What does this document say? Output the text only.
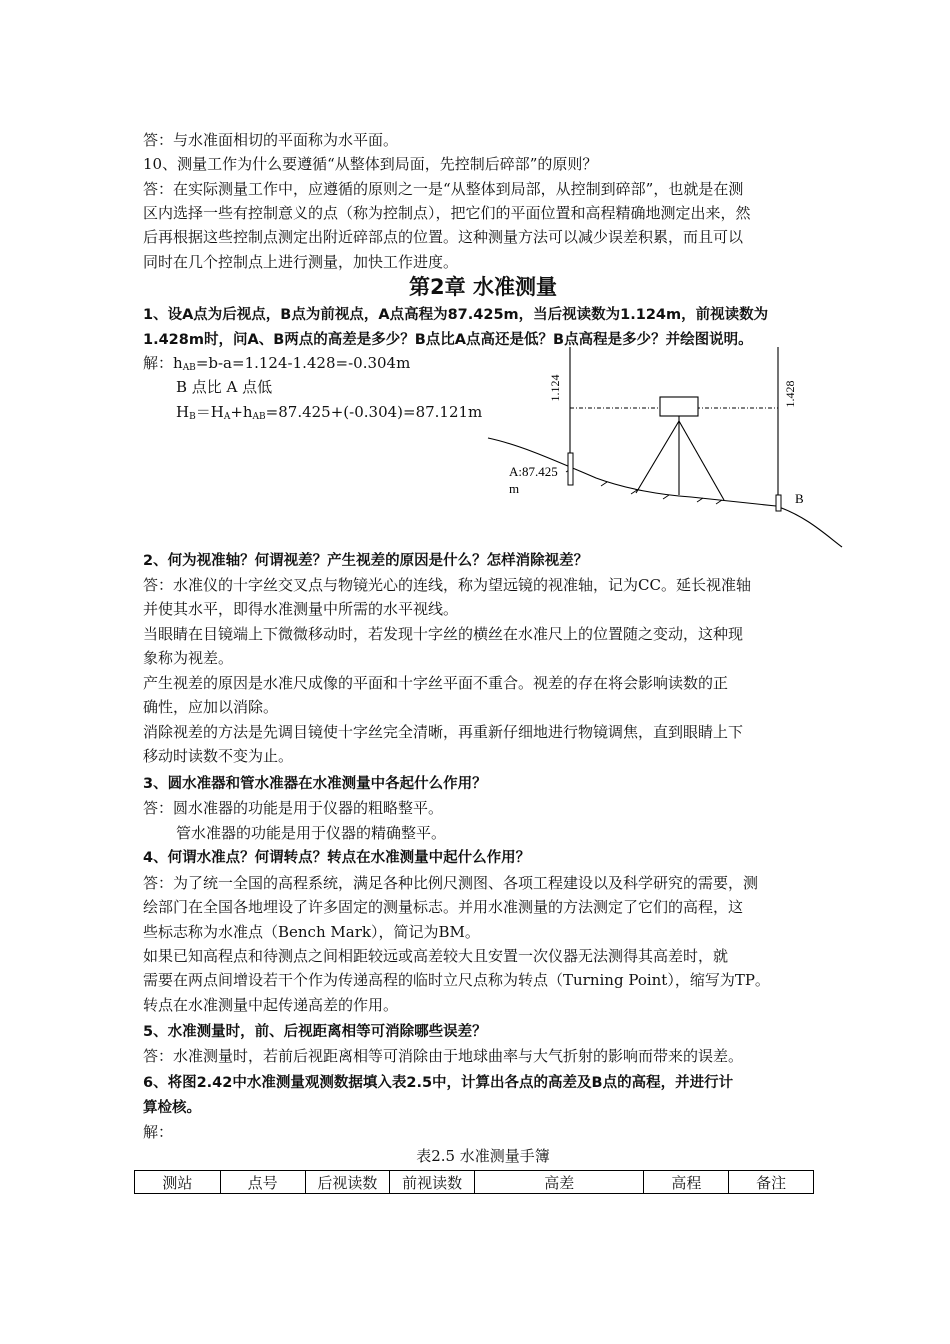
答：与水准面相切的平面称为水平面。
10、测量工作为什么要遵循“从整体到局面，先控制后碎部”的原则？
答：在实际测量工作中，应遵循的原则之一是“从整体到局部，从控制到碎部”，也就是在测
区内选择一些有控制意义的点（称为控制点），把它们的平面位置和高程精确地测定出来，然
后再根据这些控制点测定出附近碎部点的位置。这种测量方法可以减少误差积累，而且可以
同时在几个控制点上进行测量，加快工作进度。
第2章 水准测量
1、设A点为后视点，B点为前视点，A点高程为87.425m，当后视读数为1.124m，前视读数为
1.428m时，问A、B两点的高差是多少？B点比A点高还是低？B点高程是多少？并绘图说明。
解：$h_{AB}=b-a=1.124-1.428=-0.304m$
B 点比 A 点低
$H_B=H_A+h_{AB}=87.425+(-0.304)=87.121m$
2、何为视准轴？何谓视差？产生视差的原因是什么？怎样消除视差？
答：水准仪的十字丝交叉点与物镜光心的连线，称为望远镜的视准轴，记为CC。延长视准轴
并使其水平，即得水准测量中所需的水平视线。
当眼睛在目镜端上下微微移动时，若发现十字丝的横丝在水准尺上的位置随之变动，这种现
象称为视差。
产生视差的原因是水准尺成像的平面和十字丝平面不重合。视差的存在将会影响读数的正
确性，应加以消除。
消除视差的方法是先调目镜使十字丝完全清晰，再重新仔细地进行物镜调焦，直到眼睛上下
移动时读数不变为止。
3、圆水准器和管水准器在水准测量中各起什么作用？
答：圆水准器的功能是用于仪器的粗略整平。
管水准器的功能是用于仪器的精确整平。
4、何谓水准点？何谓转点？转点在水准测量中起什么作用？
答：为了统一全国的高程系统，满足各种比例尺测图、各项工程建设以及科学研究的需要，测
绘部门在全国各地埋设了许多固定的测量标志。并用水准测量的方法测定了它们的高程，这
些标志称为水准点（Bench Mark），简记为BM。
如果已知高程点和待测点之间相距较远或高差较大且安置一次仪器无法测得其高差时，就
需要在两点间增设若干个作为传递高程的临时立尺点称为转点（Turning Point），缩写为TP。
转点在水准测量中起传递高差的作用。
5、水准测量时，前、后视距离相等可消除哪些误差？
答：水准测量时，若前后视距离相等可消除由于地球曲率与大气折射的影响而带来的误差。
6、将图2.42中水准测量观测数据填入表2.5中，计算出各点的高差及B点的高程，并进行计
算检核。
解：
表2.5 水准测量手簿
测站	点号	后视读数	前视读数	高差	高程	备注
1.124	1.428
A:87.425
m
B
